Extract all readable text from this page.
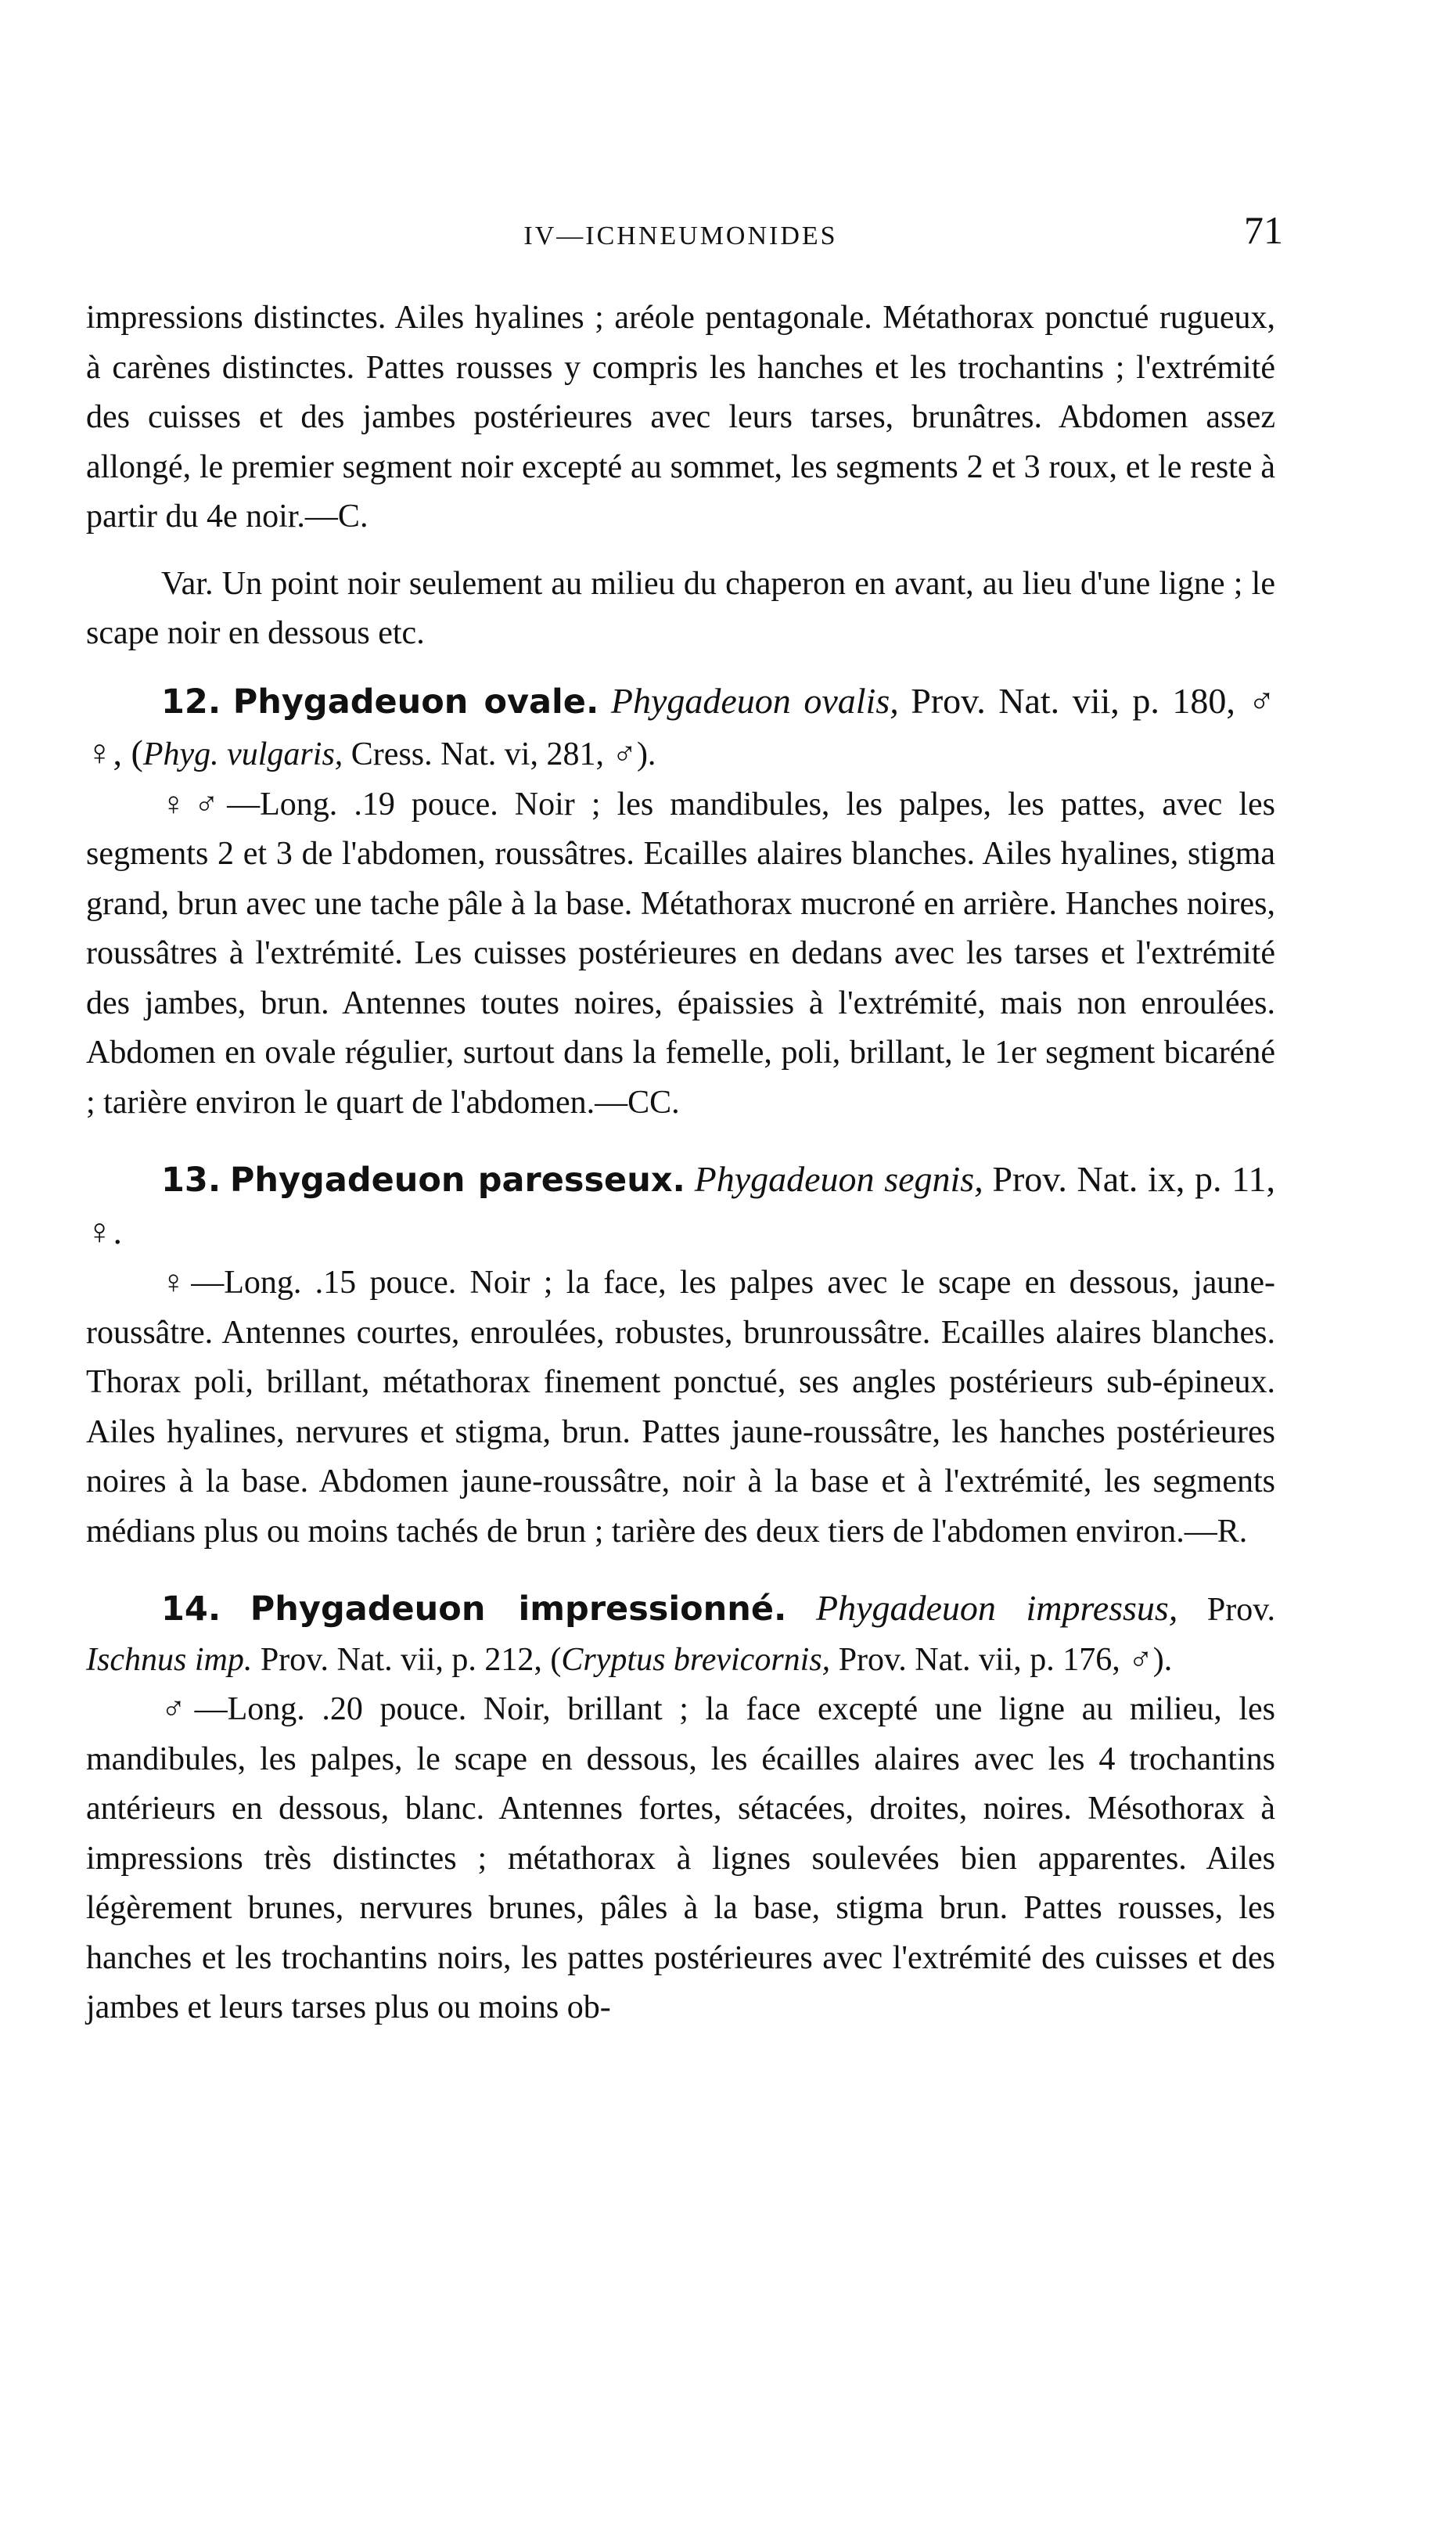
IV—ICHNEUMONIDES	71

impressions distinctes. Ailes hyalines ; aréole pentagonale. Métathorax ponctué rugueux, à carènes distinctes. Pattes rousses y compris les hanches et les trochantins ; l'extrémité des cuisses et des jambes postérieures avec leurs tarses, brunâtres. Abdomen assez allongé, le premier segment noir excepté au sommet, les segments 2 et 3 roux, et le reste à partir du 4e noir.—C.

Var. Un point noir seulement au milieu du chaperon en avant, au lieu d'une ligne ; le scape noir en dessous etc.

12. Phygadeuon ovale. Phygadeuon ovalis, Prov. Nat. vii, p. 180, ♂ ♀, (Phyg. vulgaris, Cress. Nat. vi, 281, ♂).

♀♂—Long. .19 pouce. Noir ; les mandibules, les palpes, les pattes, avec les segments 2 et 3 de l'abdomen, roussâtres. Ecailles alaires blanches. Ailes hyalines, stigma grand, brun avec une tache pâle à la base. Métathorax mucroné en arrière. Hanches noires, roussâtres à l'extrémité. Les cuisses postérieures en dedans avec les tarses et l'extrémité des jambes, brun. Antennes toutes noires, épaissies à l'extrémité, mais non enroulées. Abdomen en ovale régulier, surtout dans la femelle, poli, brillant, le 1er segment bicaréné ; tarière environ le quart de l'abdomen.—CC.

13. Phygadeuon paresseux. Phygadeuon segnis, Prov. Nat. ix, p. 11, ♀.

♀—Long. .15 pouce. Noir ; la face, les palpes avec le scape en dessous, jaune-roussâtre. Antennes courtes, enroulées, robustes, brunroussâtre. Ecailles alaires blanches. Thorax poli, brillant, métathorax finement ponctué, ses angles postérieurs sub-épineux. Ailes hyalines, nervures et stigma, brun. Pattes jaune-roussâtre, les hanches postérieures noires à la base. Abdomen jaune-roussâtre, noir à la base et à l'extrémité, les segments médians plus ou moins tachés de brun ; tarière des deux tiers de l'abdomen environ.—R.

14. Phygadeuon impressionné. Phygadeuon impressus, Prov. Ischnus imp. Prov. Nat. vii, p. 212, (Cryptus brevicornis, Prov. Nat. vii, p. 176, ♂).

♂—Long. .20 pouce. Noir, brillant ; la face excepté une ligne au milieu, les mandibules, les palpes, le scape en dessous, les écailles alaires avec les 4 trochantins antérieurs en dessous, blanc. Antennes fortes, sétacées, droites, noires. Mésothorax à impressions très distinctes ; métathorax à lignes soulevées bien apparentes. Ailes légèrement brunes, nervures brunes, pâles à la base, stigma brun. Pattes rousses, les hanches et les trochantins noirs, les pattes postérieures avec l'extrémité des cuisses et des jambes et leurs tarses plus ou moins ob-
